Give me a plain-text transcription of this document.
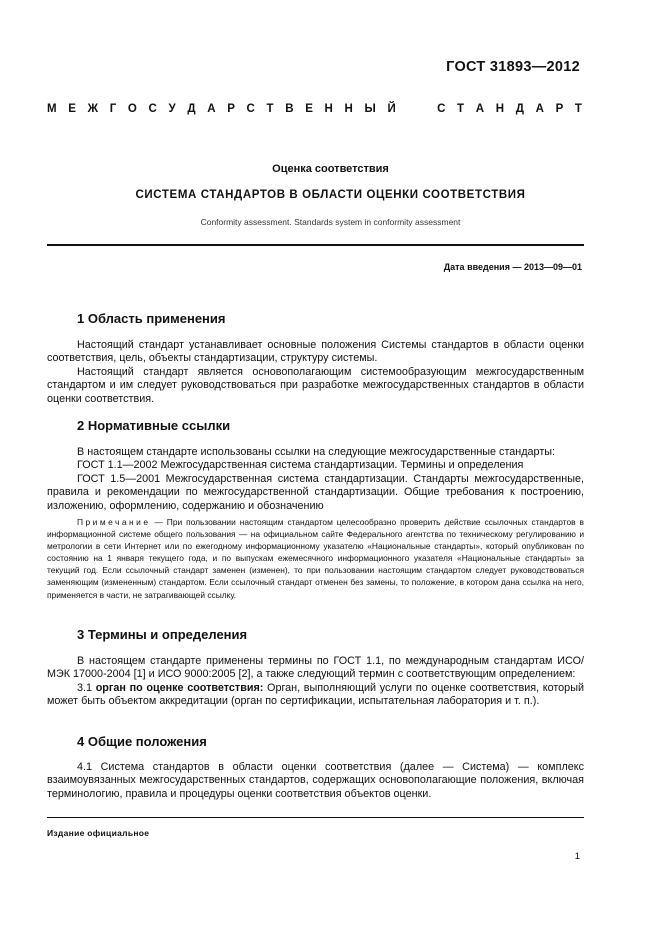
ГОСТ 31893—2012
М Е Ж Г О С У Д А Р С Т В Е Н Н Ы Й	С Т А Н Д А Р Т
Оценка соответствия
СИСТЕМА СТАНДАРТОВ В ОБЛАСТИ ОЦЕНКИ СООТВЕТСТВИЯ
Conformity assessment. Standards system in conformity assessment
Дата введения — 2013—09—01
1 Область применения

Настоящий стандарт устанавливает основные положения Системы стандартов в области оценки соответствия, цель, объекты стандартизации, структуру системы.

Настоящий стандарт является основополагающим системообразующим межгосударственным стандартом и им следует руководствоваться при разработке межгосударственных стандартов в области оценки соответствия.

2 Нормативные ссылки

В настоящем стандарте использованы ссылки на следующие межгосударственные стандарты:

ГОСТ 1.1—2002 Межгосударственная система стандартизации. Термины и определения

ГОСТ 1.5—2001 Межгосударственная система стандартизации. Стандарты межгосударственные, правила и рекомендации по межгосударственной стандартизации. Общие требования к построению, изложению, оформлению, содержанию и обозначению

Примечание — При пользовании настоящим стандартом целесообразно проверить действие ссылочных стандартов в информационной системе общего пользования — на официальном сайте Федерального агентства по техническому регулированию и метрологии в сети Интернет или по ежегодному информационному указателю «Национальные стандарты», который опубликован по состоянию на 1 января текущего года, и по выпускам ежемесячного информационного указателя «Национальные стандарты» за текущий год. Если ссылочный стандарт заменен (изменен), то при пользовании настоящим стандартом следует руководствоваться заменяющим (измененным) стандартом. Если ссылочный стандарт отменен без замены, то положение, в котором дана ссылка на него, применяется в части, не затрагивающей ссылку.

3 Термины и определения

В настоящем стандарте применены термины по ГОСТ 1.1, по международным стандартам ИСО/МЭК 17000-2004 [1] и ИСО 9000:2005 [2], а также следующий термин с соответствующим определением:

3.1 орган по оценке соответствия: Орган, выполняющий услуги по оценке соответствия, который может быть объектом аккредитации (орган по сертификации, испытательная лаборатория и т. п.).

4 Общие положения

4.1 Система стандартов в области оценки соответствия (далее — Система) — комплекс взаимоувязанных межгосударственных стандартов, содержащих основополагающие положения, включая терминологию, правила и процедуры оценки соответствия объектов оценки.

Издание официальное
1
